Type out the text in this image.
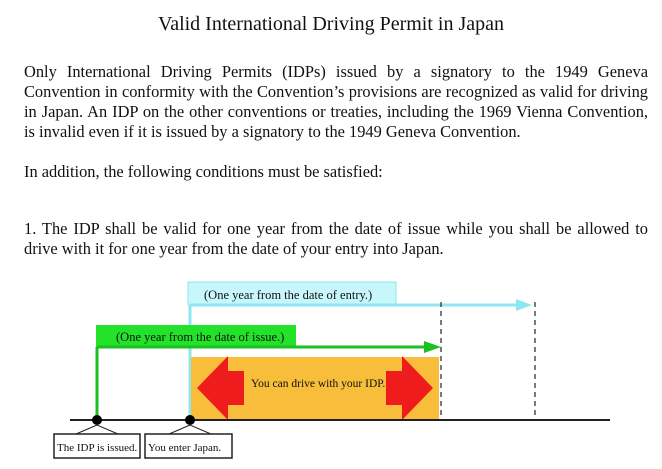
Valid International Driving Permit in Japan

Only International Driving Permits (IDPs) issued by a signatory to the 1949 Geneva Convention in conformity with the Convention’s provisions are recognized as valid for driving in Japan. An IDP on the other conventions or treaties, including the 1969 Vienna Convention, is invalid even if it is issued by a signatory to the 1949 Geneva Convention.

In addition, the following conditions must be satisfied:

1. The IDP shall be valid for one year from the date of issue while you shall be allowed to drive with it for one year from the date of your entry into Japan.

(One year from the date of entry.)
(One year from the date of issue.)
You can drive with your IDP.
The IDP is issued. You enter Japan.
